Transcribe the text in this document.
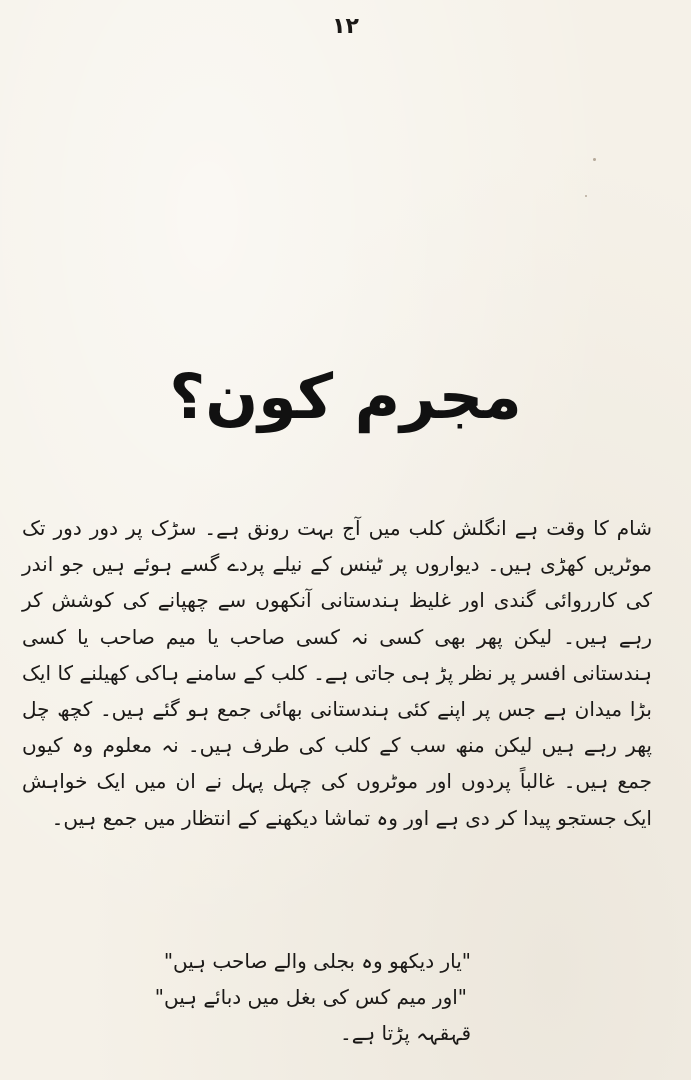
۱۲
مجرم کون؟

شام کا وقت ہے انگلش کلب میں آج بہت رونق ہے۔ سڑک پر دور دور تک موٹریں کھڑی ہیں۔ دیواروں پر ٹینس کے نیلے پردے گسے ہوئے ہیں جو اندر کی کارروائی گندی اور غلیظ ہندستانی آنکھوں سے چھپانے کی کوشش کر رہے ہیں۔ لیکن پھر بھی کسی نہ کسی صاحب یا میم صاحب یا کسی ہندستانی افسر پر نظر پڑ ہی جاتی ہے۔ کلب کے سامنے ہاکی کھیلنے کا ایک بڑا میدان ہے جس پر اپنے کئی ہندستانی بھائی جمع ہو گئے ہیں۔ کچھ چل پھر رہے ہیں لیکن منھ سب کے کلب کی طرف ہیں۔ نہ معلوم وہ کیوں جمع ہیں۔ غالباً پردوں اور موٹروں کی چہل پہل نے ان میں ایک خواہش ایک جستجو پیدا کر دی ہے اور وہ تماشا دیکھنے کے انتظار میں جمع ہیں۔

"یار دیکھو وہ بجلی والے صاحب ہیں"

"اور میم کس کی بغل میں دبائے ہیں"

قہقہہ پڑتا ہے۔
